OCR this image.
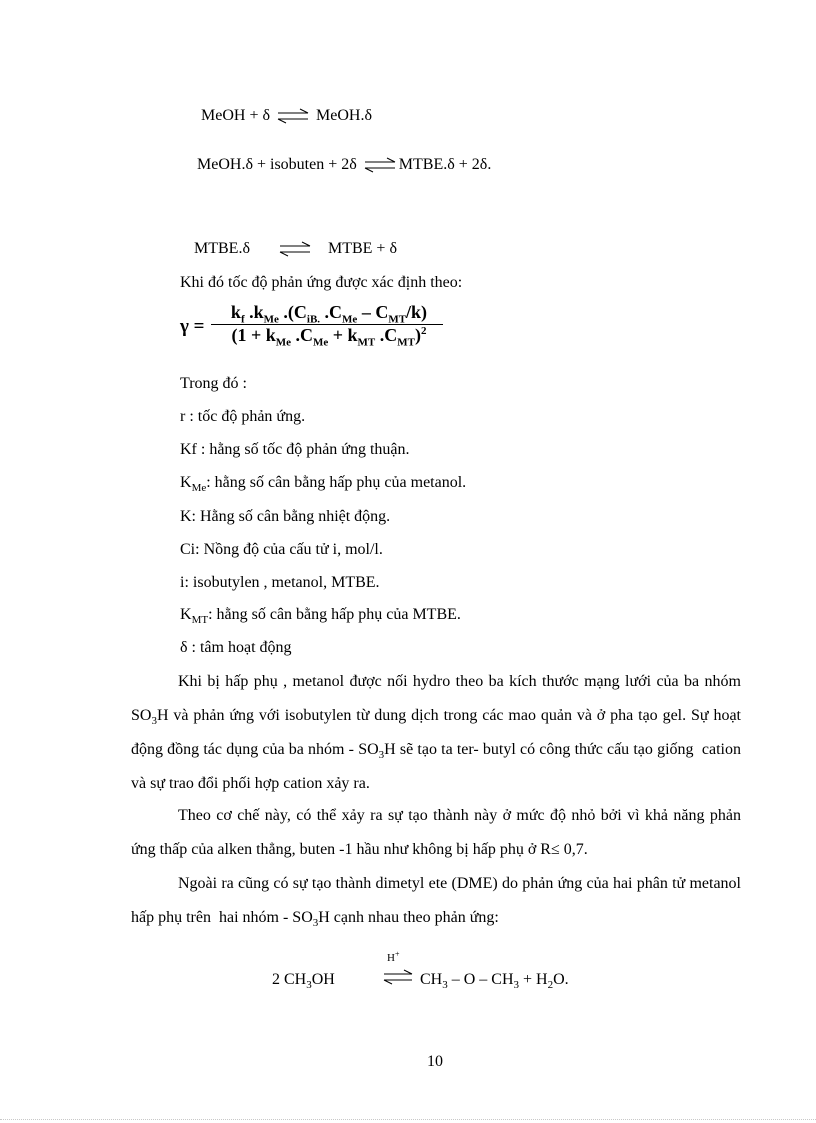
MeOH + δ ⇌ MeOH.δ
MeOH.δ + isobuten + 2δ ⇌ MTBE.δ + 2δ.
MTBE.δ ⇌ MTBE + δ
Khi đó tốc độ phản ứng được xác định theo:
γ =
$k_f$ $.k_{Me}$ $.(C_{iB.}$ $.C_{Me} - C_{MT}/k$)
($1 + k_{Me}$ $.C_{Me} + k_{MT}$ $.C_{MT})^2$
Trong đó :
r : tốc độ phản ứng.
Kf : hằng số tốc độ phản ứng thuận.
$K_{Me}$: hằng số cân bằng hấp phụ của metanol.
K: Hằng số cân bằng nhiệt động.
Ci: Nồng độ của cấu tử i, mol/l.
i: isobutylen , metanol, MTBE.
$K_{MT}$: hằng số cân bằng hấp phụ của MTBE.
δ : tâm hoạt động

Khi bị hấp phụ , metanol được nối hydro theo ba kích thước mạng lưới của ba nhóm $SO_3H$ và phản ứng với isobutylen từ dung dịch trong các mao quản và ở pha tạo gel. Sự hoạt động đồng tác dụng của ba nhóm - $SO_3H$ sẽ tạo ta ter- butyl có công thức cấu tạo giống  cation và sự trao đổi phối hợp cation xảy ra.

Theo cơ chế này, có thể xảy ra sự tạo thành này ở mức độ nhỏ bởi vì khả năng phản ứng thấp của alken thẳng, buten -1 hầu như không bị hấp phụ ở R≤ 0,7.

Ngoài ra cũng có sự tạo thành dimetyl ete (DME) do phản ứng của hai phân tử metanol hấp phụ trên  hai nhóm - $SO_3H$ cạnh nhau theo phản ứng:

2 $CH_3OH$
H+
⇌ $CH_3 - O - CH_3 + H_2O$.
10
